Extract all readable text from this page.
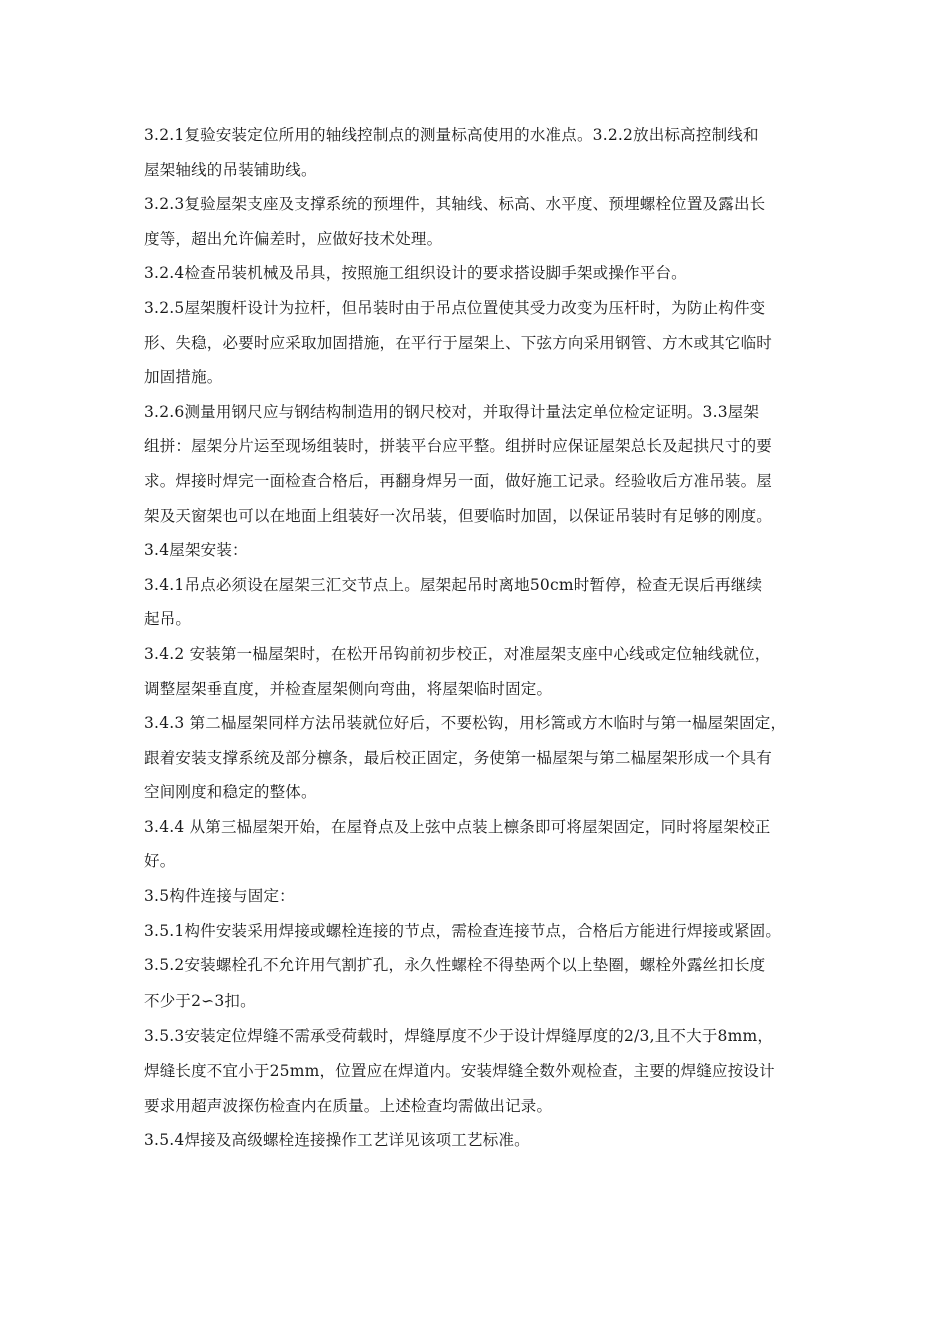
3.2.1复验安装定位所用的轴线控制点的测量标高使用的水准点。3.2.2放出标高控制线和
屋架轴线的吊装铺助线。
3.2.3复验屋架支座及支撑系统的预埋件，其轴线、标高、水平度、预埋螺栓位置及露出长
度等，超出允许偏差时，应做好技术处理。
3.2.4检查吊装机械及吊具，按照施工组织设计的要求搭设脚手架或操作平台。
3.2.5屋架腹杆设计为拉杆，但吊装时由于吊点位置使其受力改变为压杆时，为防止构件变
形、失稳，必要时应采取加固措施，在平行于屋架上、下弦方向采用钢管、方木或其它临时
加固措施。
3.2.6测量用钢尺应与钢结构制造用的钢尺校对，并取得计量法定单位检定证明。3.3屋架
组拼：屋架分片运至现场组装时，拼装平台应平整。组拼时应保证屋架总长及起拱尺寸的要
求。焊接时焊完一面检查合格后，再翻身焊另一面，做好施工记录。经验收后方准吊装。屋
架及天窗架也可以在地面上组装好一次吊装，但要临时加固，以保证吊装时有足够的刚度。
3.4屋架安装：
3.4.1吊点必须设在屋架三汇交节点上。屋架起吊时离地50cm时暂停，检查无误后再继续
起吊。
3.4.2 安装第一榀屋架时，在松开吊钩前初步校正，对准屋架支座中心线或定位轴线就位，
调整屋架垂直度，并检查屋架侧向弯曲，将屋架临时固定。
3.4.3 第二榀屋架同样方法吊装就位好后，不要松钩，用杉篙或方木临时与第一榀屋架固定，
跟着安装支撑系统及部分檩条，最后校正固定，务使第一榀屋架与第二榀屋架形成一个具有
空间刚度和稳定的整体。
3.4.4 从第三榀屋架开始，在屋脊点及上弦中点装上檩条即可将屋架固定，同时将屋架校正
好。
3.5构件连接与固定：
3.5.1构件安装采用焊接或螺栓连接的节点，需检查连接节点，合格后方能进行焊接或紧固。
3.5.2安装螺栓孔不允许用气割扩孔，永久性螺栓不得垫两个以上垫圈，螺栓外露丝扣长度
不少于2∽3扣。
3.5.3安装定位焊缝不需承受荷载时，焊缝厚度不少于设计焊缝厚度的2/3,且不大于8mm，
焊缝长度不宜小于25mm，位置应在焊道内。安装焊缝全数外观检查，主要的焊缝应按设计
要求用超声波探伤检查内在质量。上述检查均需做出记录。
3.5.4焊接及高级螺栓连接操作工艺详见该项工艺标准。
